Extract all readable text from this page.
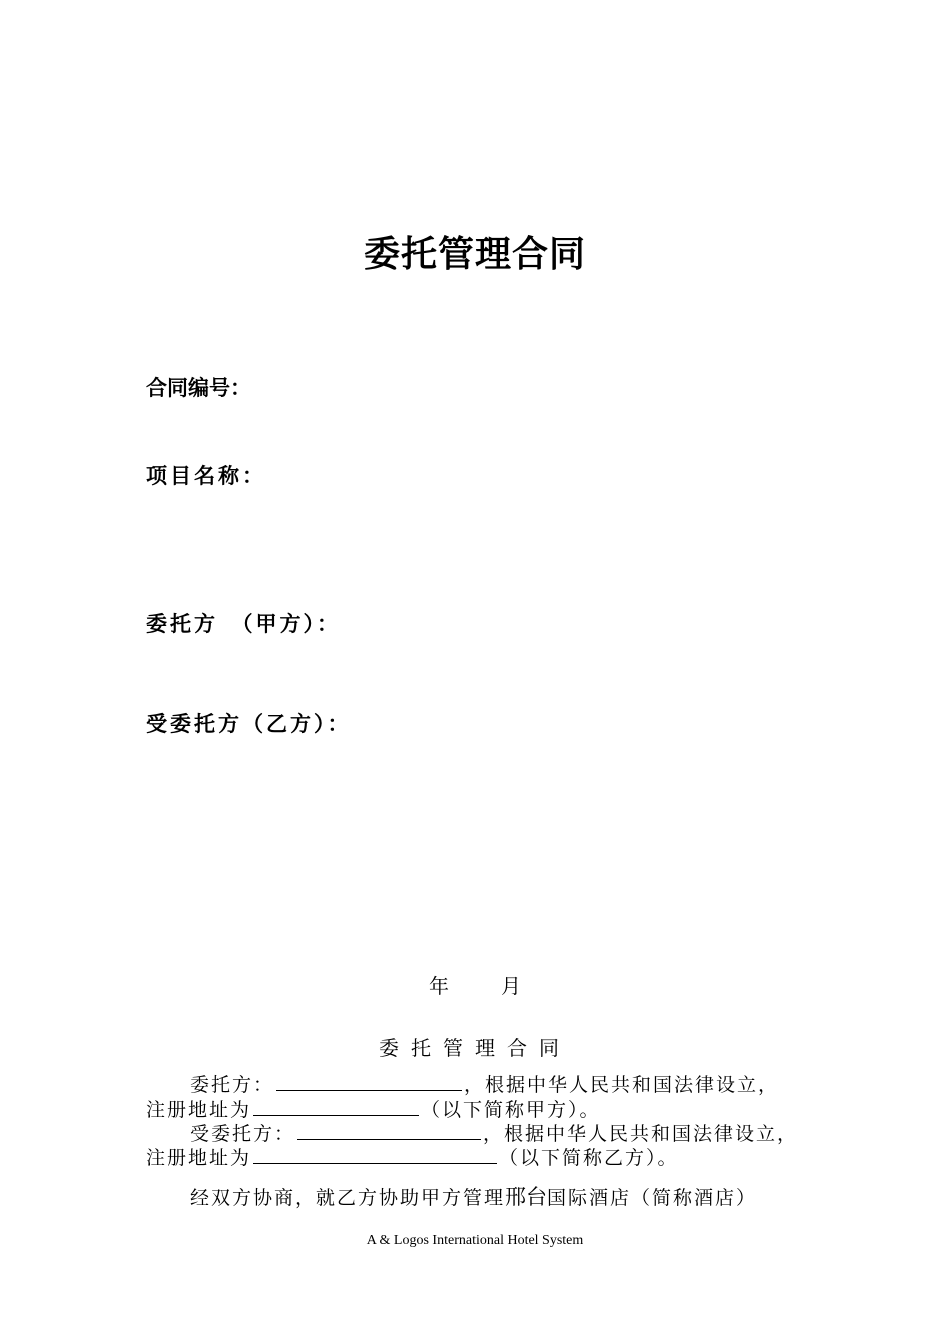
委托管理合同
合同编号：
项目名称：
委托方　（甲方）：
受委托方（乙方）：
年	月
委托管理合同
委托方：	，根据中华人民共和国法律设立，
注册地址为	（以下简称甲方）。
受委托方：	，根据中华人民共和国法律设立，
注册地址为	（以下简称乙方）。
经双方协商，就乙方协助甲方管理邢台国际酒店（简称酒店）
A & Logos International Hotel System
